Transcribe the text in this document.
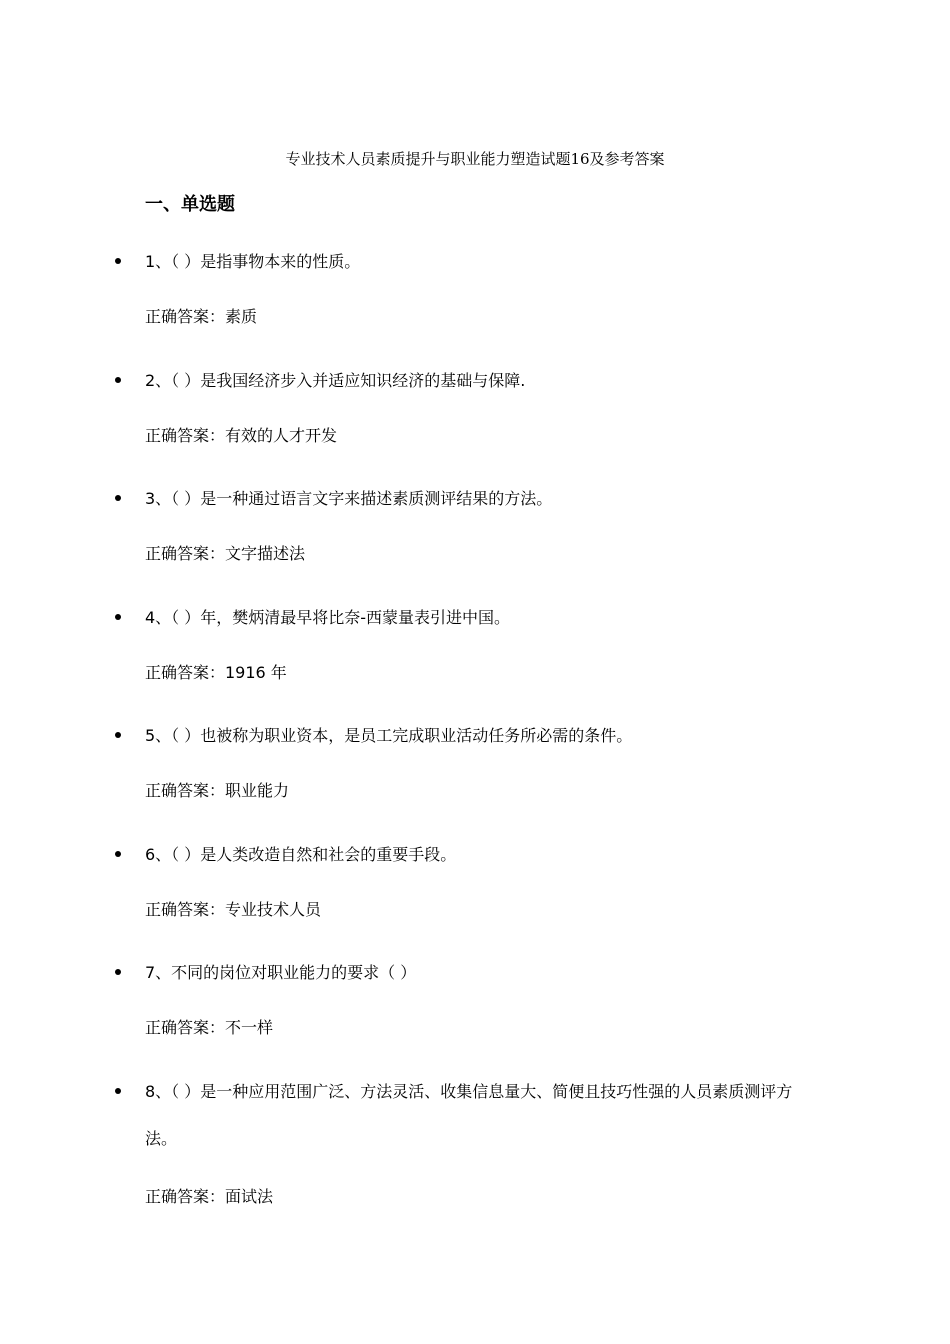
专业技术人员素质提升与职业能力塑造试题16及参考答案
一、单选题
1、（ ）是指事物本来的性质。
正确答案：素质
2、（ ）是我国经济步入并适应知识经济的基础与保障.
正确答案：有效的人才开发
3、（ ）是一种通过语言文字来描述素质测评结果的方法。
正确答案：文字描述法
4、（ ）年，樊炳清最早将比奈-西蒙量表引进中国。
正确答案：1916 年
5、（ ）也被称为职业资本，是员工完成职业活动任务所必需的条件。
正确答案：职业能力
6、（ ）是人类改造自然和社会的重要手段。
正确答案：专业技术人员
7、不同的岗位对职业能力的要求（ ）
正确答案：不一样
8、（ ）是一种应用范围广泛、方法灵活、收集信息量大、简便且技巧性强的人员素质测评方法。
正确答案：面试法
